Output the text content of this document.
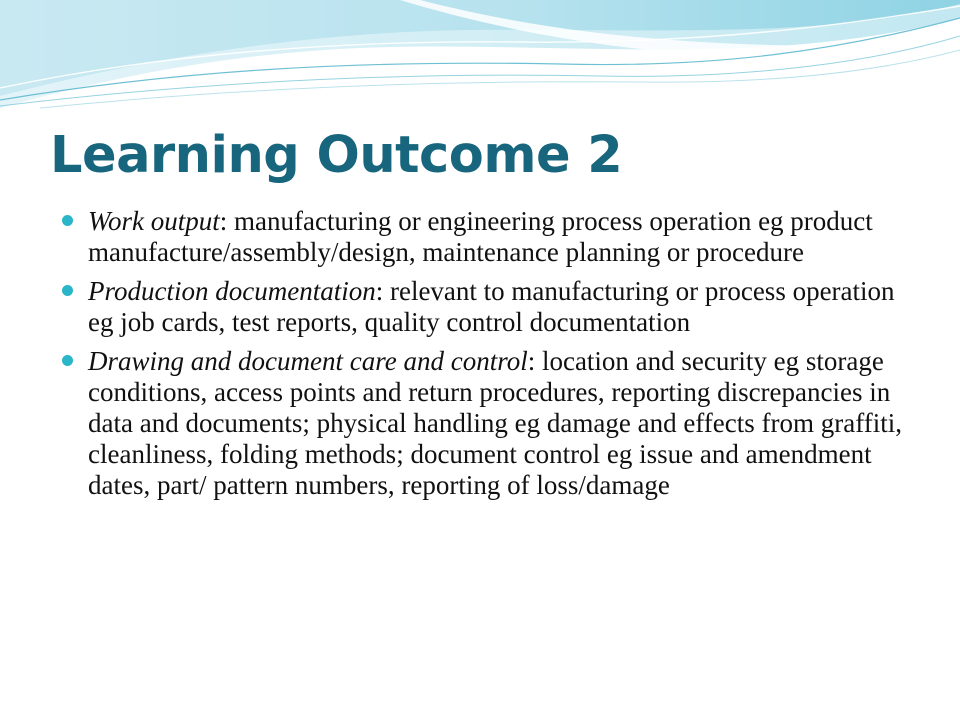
Learning Outcome 2
Work output: manufacturing or engineering process operation eg product manufacture/assembly/design, maintenance planning or procedure
Production documentation: relevant to manufacturing or process operation eg job cards, test reports, quality control documentation
Drawing and document care and control: location and security eg storage conditions, access points and return procedures, reporting discrepancies in data and documents; physical handling eg damage and effects from graffiti, cleanliness, folding methods; document control eg issue and amendment dates, part/ pattern numbers, reporting of loss/damage
